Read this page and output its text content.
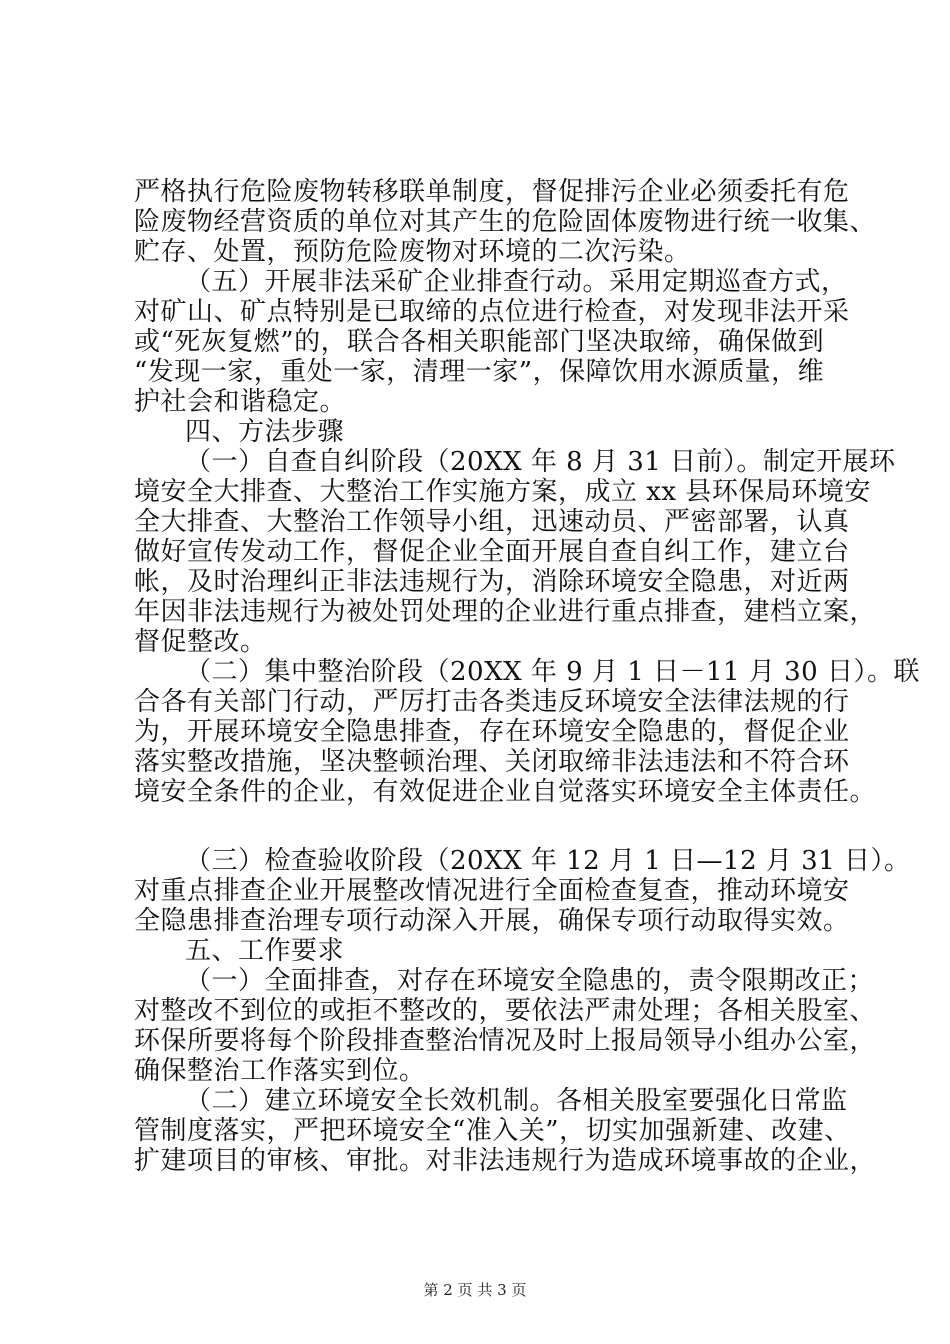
严格执行危险废物转移联单制度，督促排污企业必须委托有危
险废物经营资质的单位对其产生的危险固体废物进行统一收集、
贮存、处置，预防危险废物对环境的二次污染。
（五）开展非法采矿企业排查行动。采用定期巡查方式，
对矿山、矿点特别是已取缔的点位进行检查，对发现非法开采
或“死灰复燃”的，联合各相关职能部门坚决取缔，确保做到
“发现一家，重处一家，清理一家”，保障饮用水源质量，维
护社会和谐稳定。
四、方法步骤
（一）自查自纠阶段（20XX 年 8 月 31 日前）。制定开展环
境安全大排查、大整治工作实施方案，成立 xx 县环保局环境安
全大排查、大整治工作领导小组，迅速动员、严密部署，认真
做好宣传发动工作，督促企业全面开展自查自纠工作，建立台
帐，及时治理纠正非法违规行为，消除环境安全隐患，对近两
年因非法违规行为被处罚处理的企业进行重点排查，建档立案，
督促整改。
（二）集中整治阶段（20XX 年 9 月 1 日－11 月 30 日）。联
合各有关部门行动，严厉打击各类违反环境安全法律法规的行
为，开展环境安全隐患排查，存在环境安全隐患的，督促企业
落实整改措施，坚决整顿治理、关闭取缔非法违法和不符合环
境安全条件的企业，有效促进企业自觉落实环境安全主体责任。
（三）检查验收阶段（20XX 年 12 月 1 日—12 月 31 日）。
对重点排查企业开展整改情况进行全面检查复查，推动环境安
全隐患排查治理专项行动深入开展，确保专项行动取得实效。
五、工作要求
（一）全面排查，对存在环境安全隐患的，责令限期改正；
对整改不到位的或拒不整改的，要依法严肃处理；各相关股室、
环保所要将每个阶段排查整治情况及时上报局领导小组办公室，
确保整治工作落实到位。
（二）建立环境安全长效机制。各相关股室要强化日常监
管制度落实，严把环境安全“准入关”，切实加强新建、改建、
扩建项目的审核、审批。对非法违规行为造成环境事故的企业，
第 2 页 共 3 页
